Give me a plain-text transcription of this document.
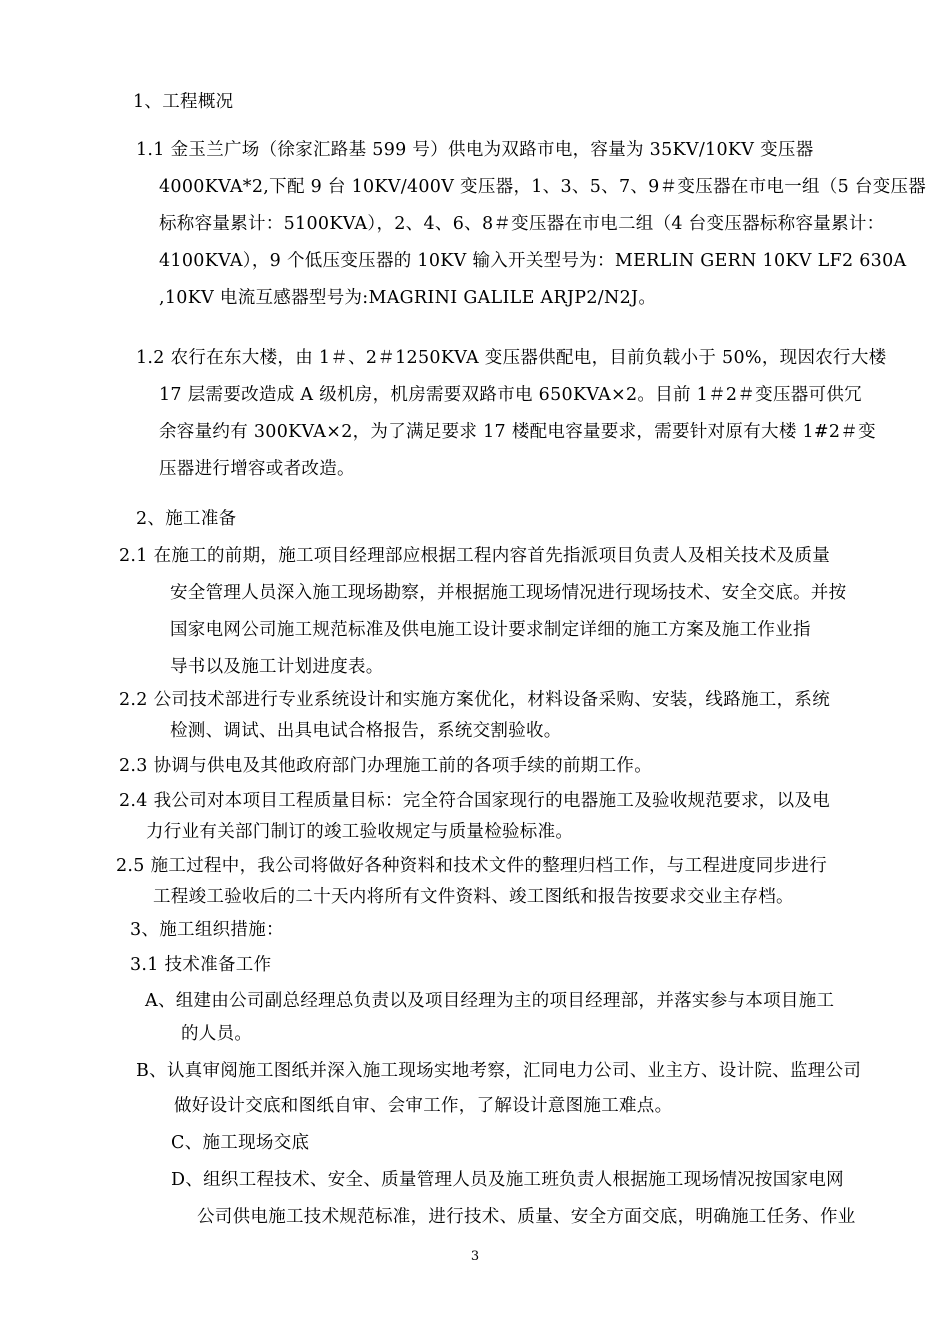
1、工程概况
1.1 金玉兰广场（徐家汇路基 599 号）供电为双路市电，容量为 35KV/10KV 变压器
4000KVA*2,下配 9 台 10KV/400V 变压器，1、3、5、7、9＃变压器在市电一组（5 台变压器
标称容量累计：5100KVA），2、4、6、8＃变压器在市电二组（4 台变压器标称容量累计：
4100KVA），9 个低压变压器的 10KV 输入开关型号为：MERLIN GERN 10KV LF2 630A
,10KV 电流互感器型号为:MAGRINI GALILE ARJP2/N2J。
1.2 农行在东大楼，由 1＃、2＃1250KVA 变压器供配电，目前负载小于 50%，现因农行大楼
17 层需要改造成 A 级机房，机房需要双路市电 650KVA×2。目前 1＃2＃变压器可供冗
余容量约有 300KVA×2，为了满足要求 17 楼配电容量要求，需要针对原有大楼 1#2＃变
压器进行增容或者改造。
2、施工准备
2.1 在施工的前期，施工项目经理部应根据工程内容首先指派项目负责人及相关技术及质量
安全管理人员深入施工现场勘察，并根据施工现场情况进行现场技术、安全交底。并按
国家电网公司施工规范标准及供电施工设计要求制定详细的施工方案及施工作业指
导书以及施工计划进度表。
2.2 公司技术部进行专业系统设计和实施方案优化，材料设备采购、安装，线路施工，系统
检测、调试、出具电试合格报告，系统交割验收。
2.3 协调与供电及其他政府部门办理施工前的各项手续的前期工作。
2.4 我公司对本项目工程质量目标：完全符合国家现行的电器施工及验收规范要求，以及电
力行业有关部门制订的竣工验收规定与质量检验标准。
2.5 施工过程中，我公司将做好各种资料和技术文件的整理归档工作，与工程进度同步进行
工程竣工验收后的二十天内将所有文件资料、竣工图纸和报告按要求交业主存档。
3、施工组织措施：
3.1 技术准备工作
A、组建由公司副总经理总负责以及项目经理为主的项目经理部，并落实参与本项目施工
的人员。
B、认真审阅施工图纸并深入施工现场实地考察，汇同电力公司、业主方、设计院、监理公司
做好设计交底和图纸自审、会审工作，了解设计意图施工难点。
C、施工现场交底
D、组织工程技术、安全、质量管理人员及施工班负责人根据施工现场情况按国家电网
公司供电施工技术规范标准，进行技术、质量、安全方面交底，明确施工任务、作业
3
